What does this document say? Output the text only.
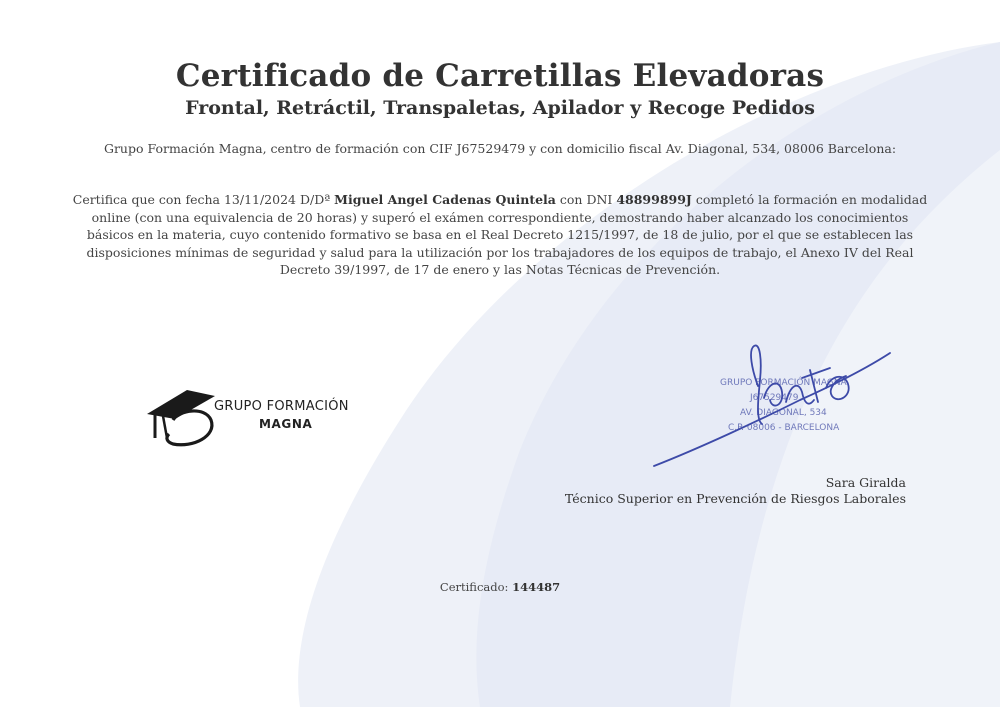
Certificado de Carretillas Elevadoras
Frontal, Retráctil, Transpaletas, Apilador y Recoge Pedidos
Grupo Formación Magna, centro de formación con CIF J67529479 y con domicilio fiscal Av. Diagonal, 534, 08006 Barcelona:
Certifica que con fecha 13/11/2024 D/Dª Miguel Angel Cadenas Quintela con DNI 48899899J completó la formación en modalidad online (con una equivalencia de 20 horas) y superó el exámen correspondiente, demostrando haber alcanzado los conocimientos básicos en la materia, cuyo contenido formativo se basa en el Real Decreto 1215/1997, de 18 de julio, por el que se establecen las disposiciones mínimas de seguridad y salud para la utilización por los trabajadores de los equipos de trabajo, el Anexo IV del Real Decreto 39/1997, de 17 de enero y las Notas Técnicas de Prevención.
GRUPO FORMACIÓN
MAGNA
GRUPO FORMACIÓN MAGNA
J67529479
AV. DIAGONAL, 534
C.P. 08006 - BARCELONA
Sara Giralda
Técnico Superior en Prevención de Riesgos Laborales
Certificado: 144487
